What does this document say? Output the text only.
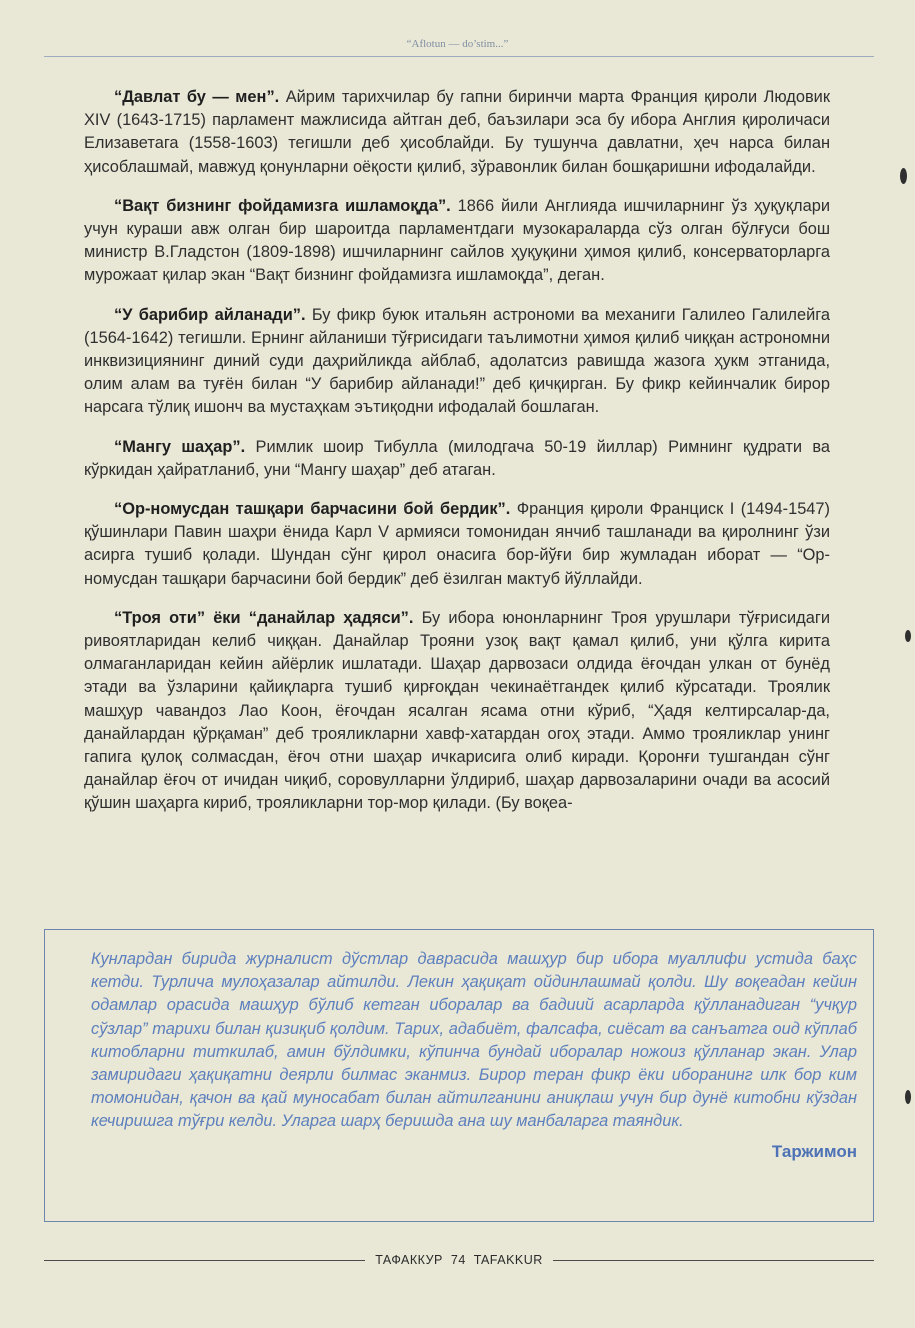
“Aflotun — do’stim...”

“Давлат бу — мен”. Айрим тарихчилар бу гапни биринчи марта Франция қироли Людовик XIV (1643-1715) парламент мажлисида айтган деб, баъзилари эса бу ибора Англия қироличаси Елизаветага (1558-1603) тегишли деб ҳисоблайди. Бу тушунча давлатни, ҳеч нарса билан ҳисоблашмай, мавжуд қонунларни оёқости қилиб, зўравонлик билан бошқаришни ифодалайди.

“Вақт бизнинг фойдамизга ишламоқда”. 1866 йили Англияда ишчиларнинг ўз ҳуқуқлари учун кураши авж олган бир шароитда парламентдаги музокараларда сўз олган бўлғуси бош министр В.Гладстон (1809-1898) ишчиларнинг сайлов ҳуқуқини ҳимоя қилиб, консерваторларга мурожаат қилар экан “Вақт бизнинг фойдамизга ишламоқда”, деган.

“У барибир айланади”. Бу фикр буюк итальян астрономи ва механиги Галилео Галилейга (1564-1642) тегишли. Ернинг айланиши тўғрисидаги таълимотни ҳимоя қилиб чиққан астрономни инквизициянинг диний суди даҳрийликда айблаб, адолатсиз равишда жазога ҳукм этганида, олим алам ва туғён билан “У барибир айланади!” деб қичқирган. Бу фикр кейинчалик бирор нарсага тўлиқ ишонч ва мустаҳкам эътиқодни ифодалай бошлаган.

“Мангу шаҳар”. Римлик шоир Тибулла (милодгача 50-19 йиллар) Римнинг қудрати ва кўркидан ҳайратланиб, уни “Мангу шаҳар” деб атаган.

“Ор-номусдан ташқари барчасини бой бердик”. Франция қироли Франциск I (1494-1547) қўшинлари Павин шаҳри ёнида Карл V армияси томонидан янчиб ташланади ва қиролнинг ўзи асирга тушиб қолади. Шундан сўнг қирол онасига бор-йўғи бир жумладан иборат — “Ор-номусдан ташқари барчасини бой бердик” деб ёзилган мактуб йўллайди.

“Троя оти” ёки “данайлар ҳадяси”. Бу ибора юнонларнинг Троя урушлари тўғрисидаги ривоятларидан келиб чиққан. Данайлар Трояни узоқ вақт қамал қилиб, уни қўлга кирита олмаганларидан кейин айёрлик ишлатади. Шаҳар дарвозаси олдида ёғочдан улкан от бунёд этади ва ўзларини қайиқларга тушиб қирғоқдан чекинаётгандек қилиб кўрсатади. Троялик машҳур чавандоз Лао Коон, ёғочдан ясалган ясама отни кўриб, “Ҳадя келтирсалар-да, данайлардан қўрқаман” деб трояликларни хавф-хатардан огоҳ этади. Аммо трояликлар унинг гапига қулоқ солмасдан, ёғоч отни шаҳар ичкарисига олиб киради. Қоронғи тушгандан сўнг данайлар ёғоч от ичидан чиқиб, соровулларни ўлдириб, шаҳар дарвозаларини очади ва асосий қўшин шаҳарга кириб, трояликларни тор-мор қилади. (Бу воқеа-

Кунлардан бирида журналист дўстлар даврасида машҳур бир ибора муаллифи устида баҳс кетди. Турлича мулоҳазалар айтилди. Лекин ҳақиқат ойдинлашмай қолди. Шу воқеадан кейин одамлар орасида машҳур бўлиб кетган иборалар ва бадиий асарларда қўлланадиган “учқур сўзлар” тарихи билан қизиқиб қолдим. Тарих, адабиёт, фалсафа, сиёсат ва санъатга оид кўплаб китобларни титкилаб, амин бўлдимки, кўпинча бундай иборалар ножоиз қўлланар экан. Улар замиридаги ҳақиқатни деярли билмас эканмиз. Бирор теран фикр ёки иборанинг илк бор ким томонидан, қачон ва қай муносабат билан айтилганини аниқлаш учун бир дунё китобни кўздан кечиришга тўғри келди. Уларга шарҳ беришда ана шу манбаларга таяндик.

Таржимон
ТАФАККУР 74 TAFAKKUR
